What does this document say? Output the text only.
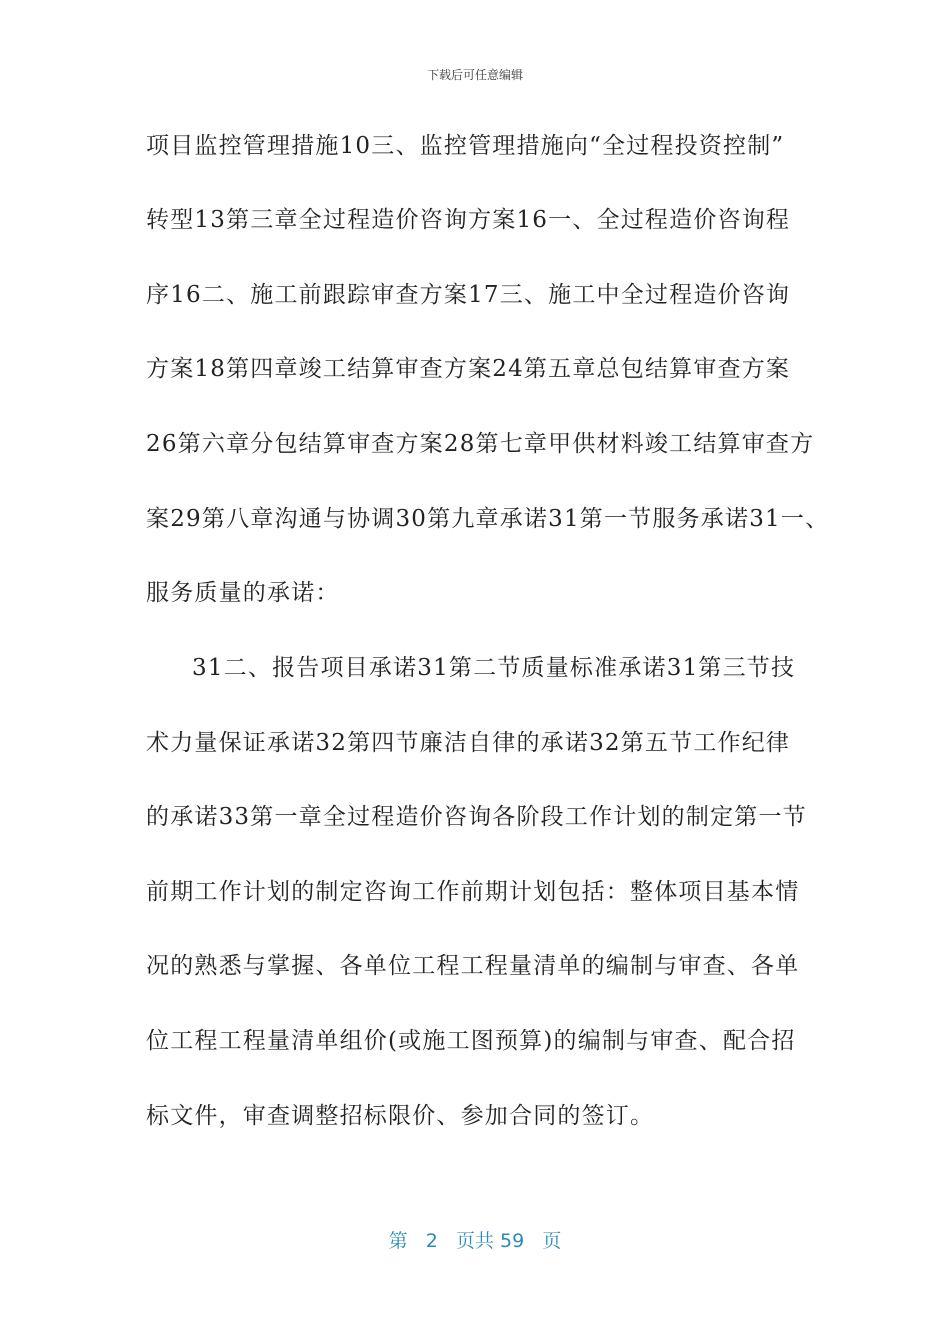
下载后可任意编辑
项目监控管理措施10三、监控管理措施向“全过程投资控制”
转型13第三章全过程造价咨询方案16一、全过程造价咨询程
序16二、施工前跟踪审查方案17三、施工中全过程造价咨询
方案18第四章竣工结算审查方案24第五章总包结算审查方案
26第六章分包结算审查方案28第七章甲供材料竣工结算审查方
案29第八章沟通与协调30第九章承诺31第一节服务承诺31一、
服务质量的承诺：
31二、报告项目承诺31第二节质量标准承诺31第三节技
术力量保证承诺32第四节廉洁自律的承诺32第五节工作纪律
的承诺33第一章全过程造价咨询各阶段工作计划的制定第一节
前期工作计划的制定咨询工作前期计划包括：整体项目基本情
况的熟悉与掌握、各单位工程工程量清单的编制与审查、各单
位工程工程量清单组价(或施工图预算)的编制与审查、配合招
标文件，审查调整招标限价、参加合同的签订。
第 2 页共 59 页
